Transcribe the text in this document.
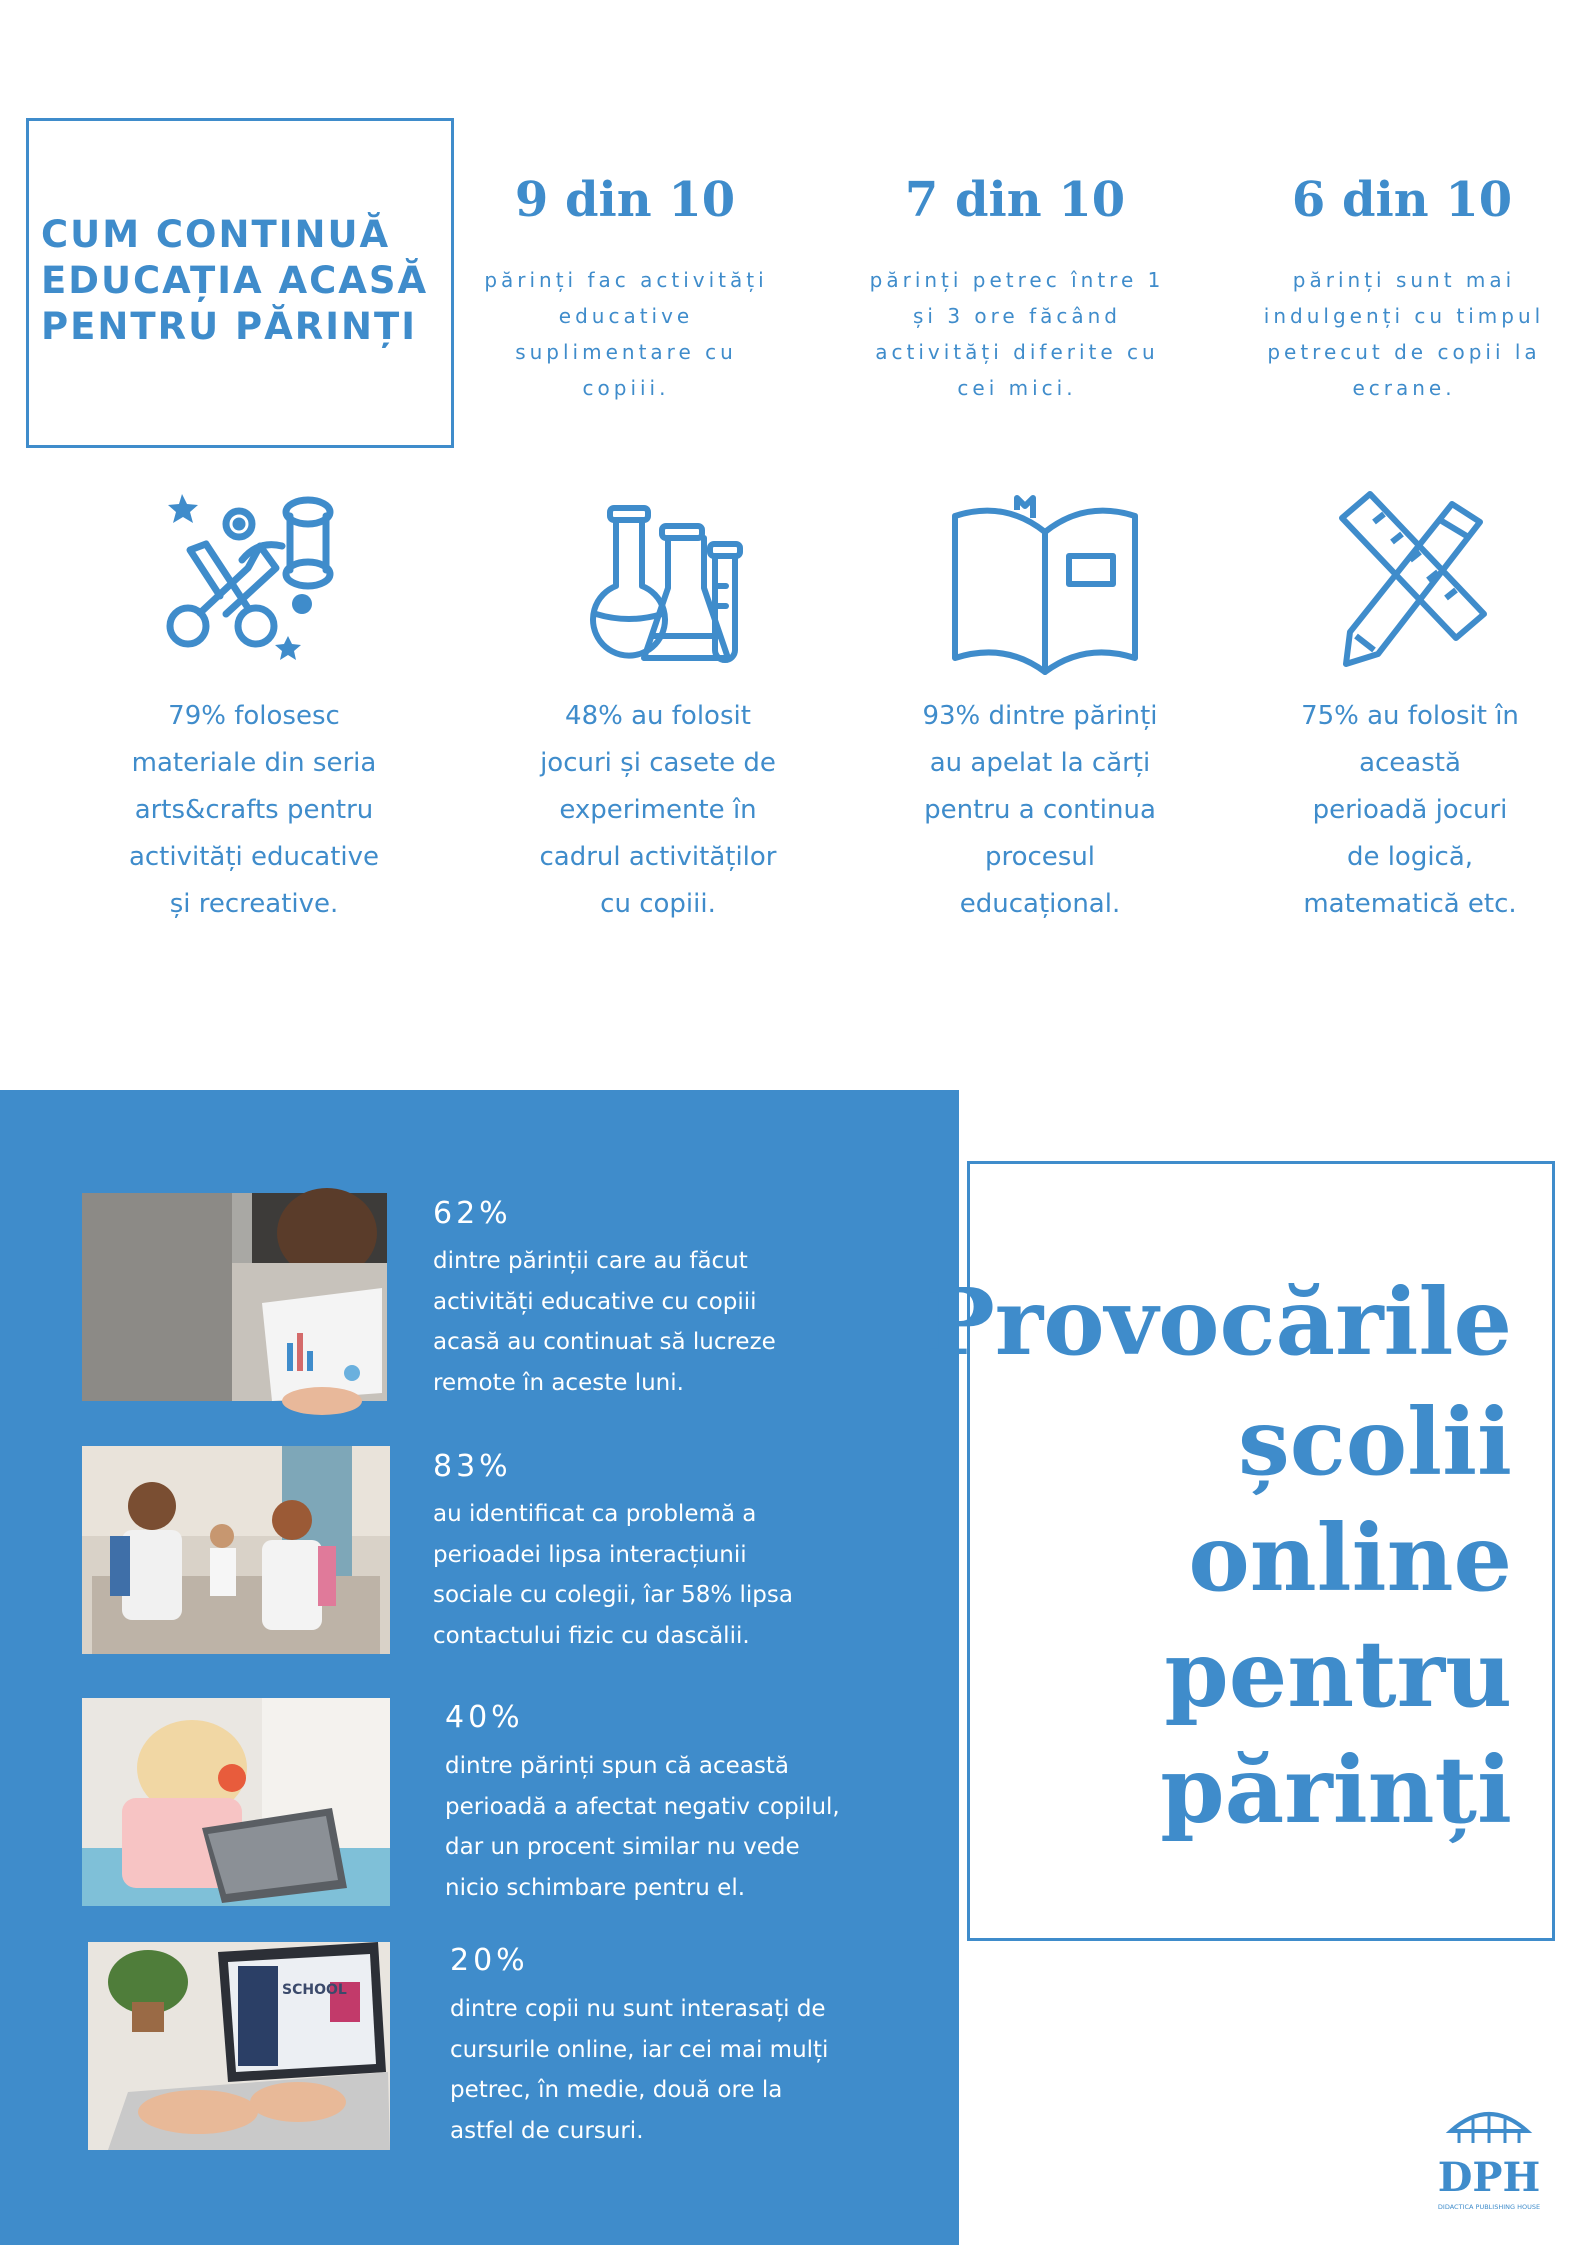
CUM CONTINUĂ
EDUCAȚIA ACASĂ
PENTRU PĂRINȚI
9 din 10
părinți fac activități
educative
suplimentare cu
copiii.
7 din 10
părinți petrec între 1
și 3 ore făcând
activități diferite cu
cei mici.
6 din 10
părinți sunt mai
indulgenți cu timpul
petrecut de copii la
ecrane.
79% folosesc
materiale din seria
arts&crafts pentru
activități educative
și recreative.
48% au folosit
jocuri și casete de
experimente în
cadrul activităților
cu copiii.
93% dintre părinți
au apelat la cărți
pentru a continua
procesul
educațional.
75% au folosit în
această
perioadă jocuri
de logică,
matematică etc.
62%
dintre părinții care au făcut
activități educative cu copiii
acasă au continuat să lucreze
remote în aceste luni.
83%
au identificat ca problemă a
perioadei lipsa interacțiunii
sociale cu colegii, îar 58% lipsa
contactului fizic cu dascălii.
40%
dintre părinți spun că această
perioadă a afectat negativ copilul,
dar un procent similar nu vede
nicio schimbare pentru el.
SCHOOL
20%
dintre copii nu sunt interasați de
cursurile online, iar cei mai mulți
petrec, în medie, două ore la
astfel de cursuri.
Provocările
școlii
online
pentru
părinți
DPH
DIDACTICA PUBLISHING HOUSE
